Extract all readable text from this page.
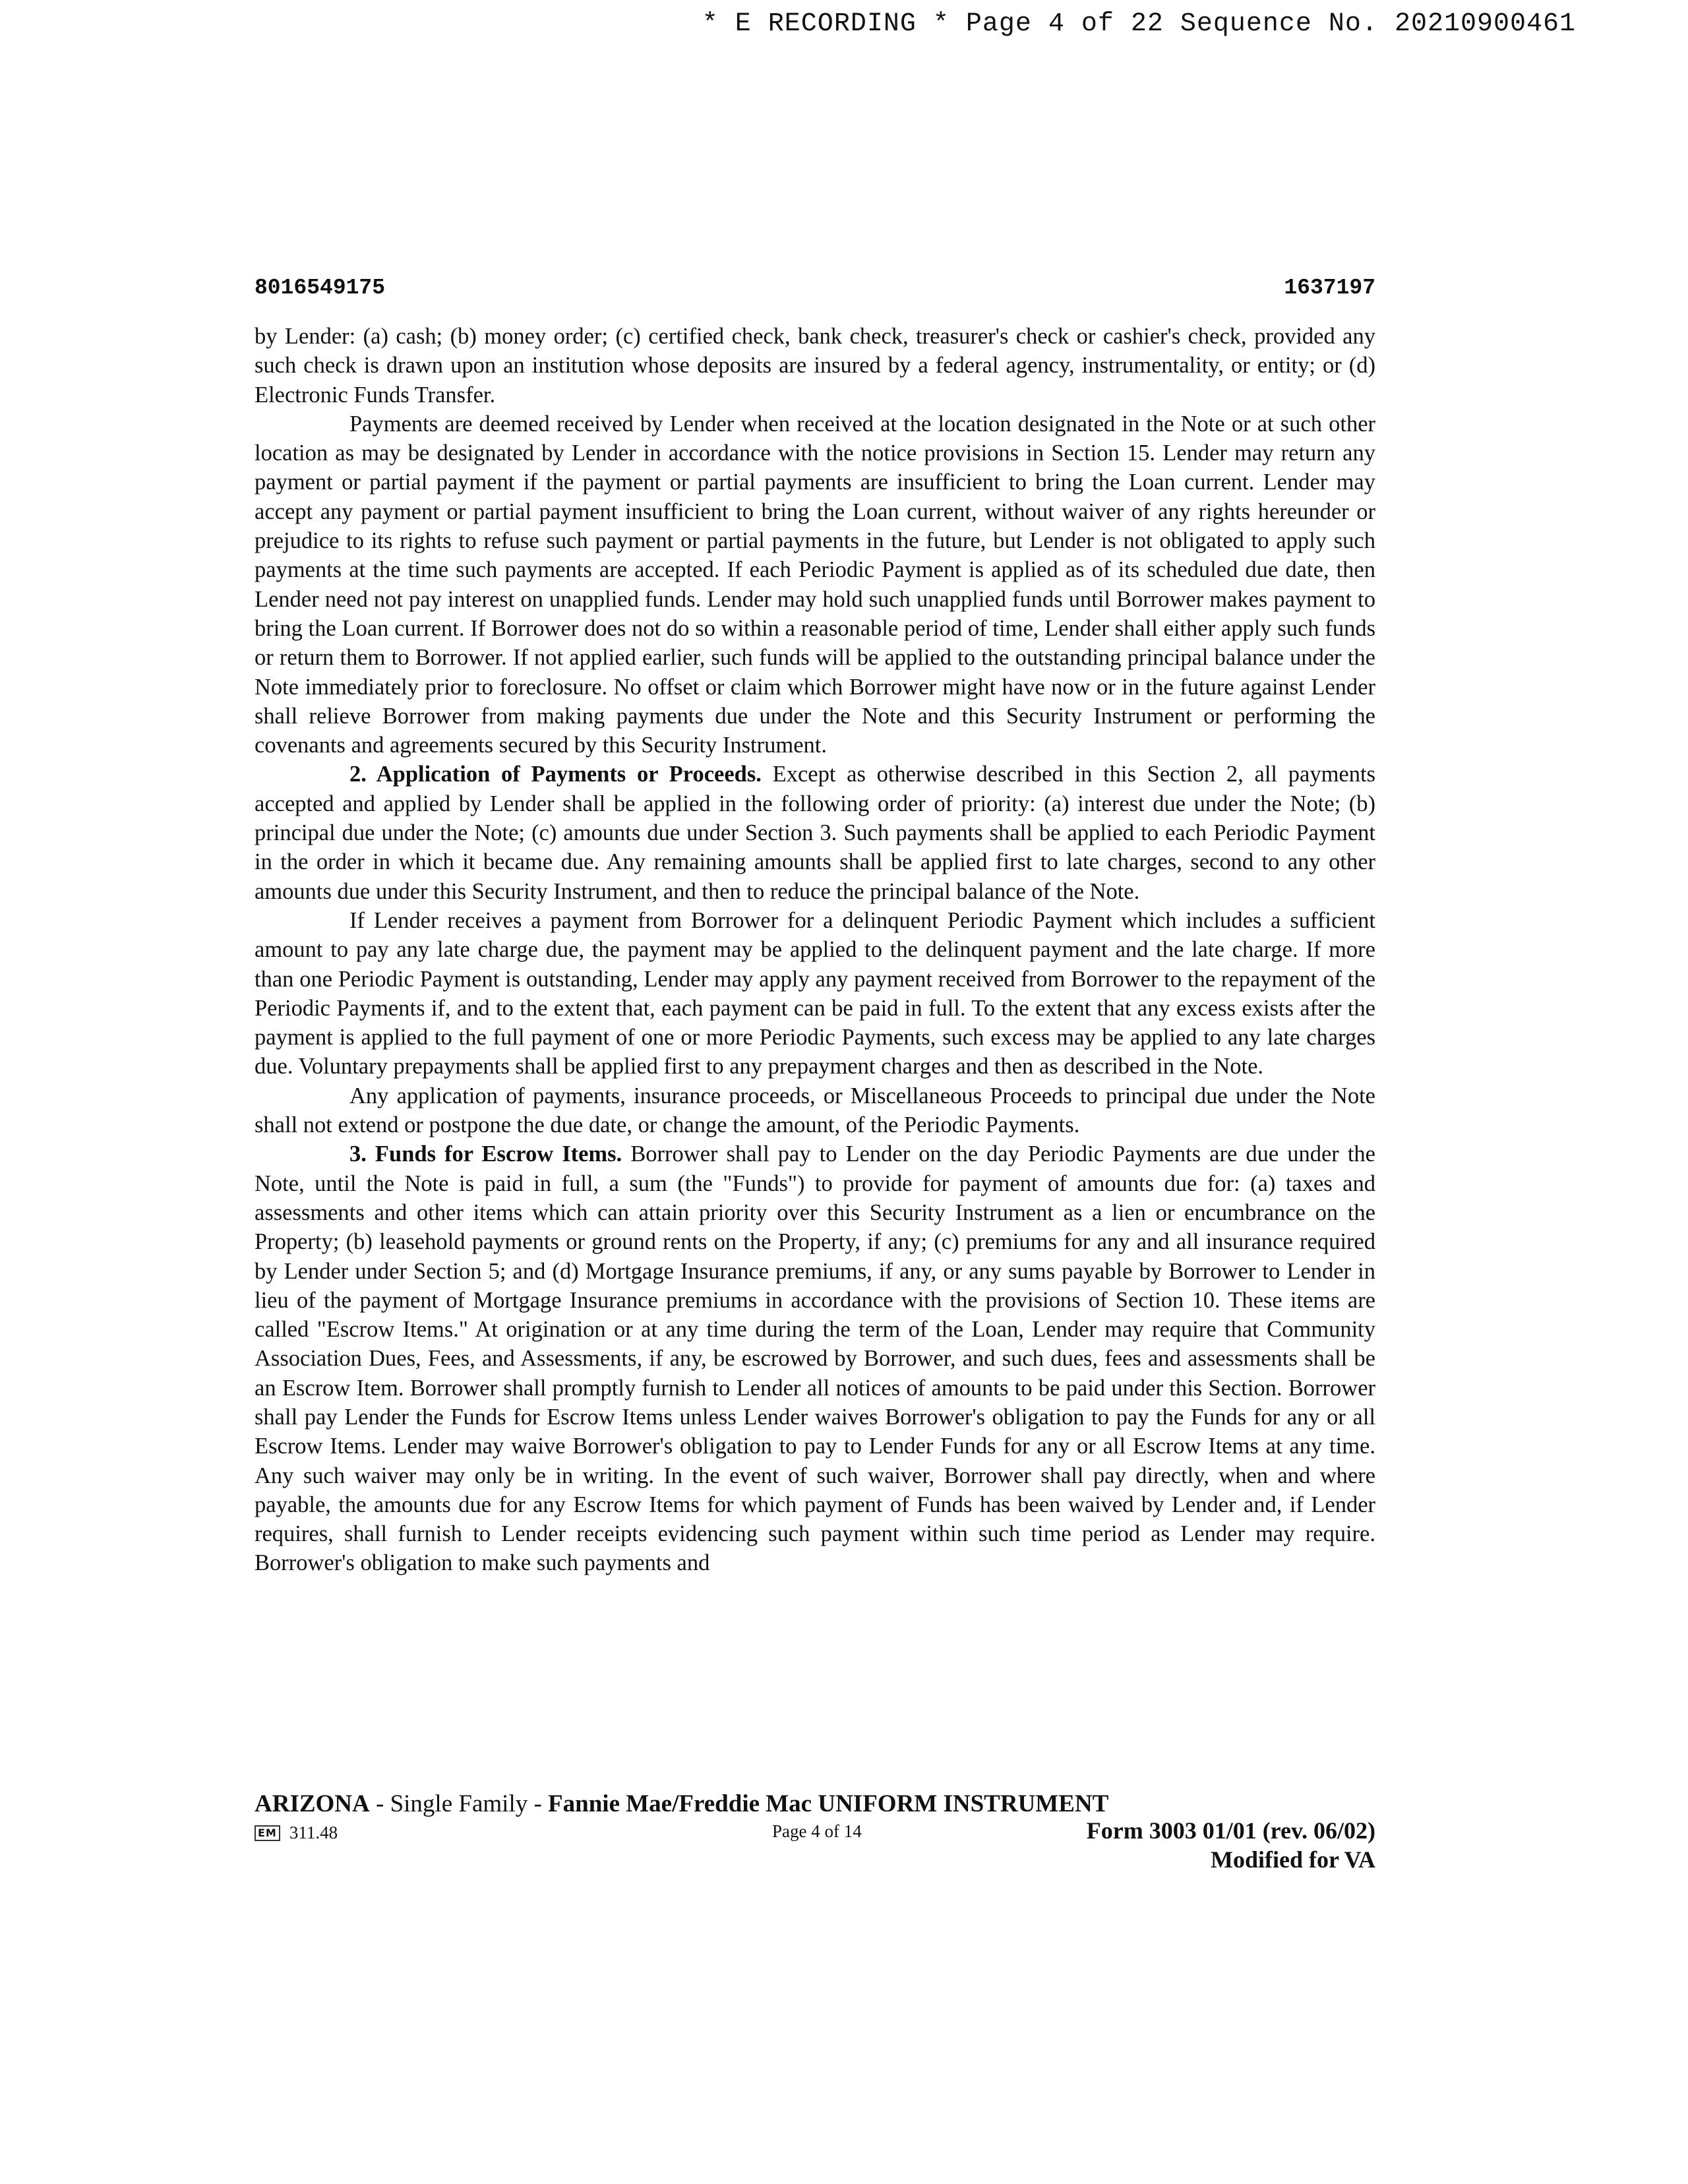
* E RECORDING * Page 4 of 22 Sequence No. 20210900461
8016549175	1637197

by Lender: (a) cash; (b) money order; (c) certified check, bank check, treasurer's check or cashier's check, provided any such check is drawn upon an institution whose deposits are insured by a federal agency, instrumentality, or entity; or (d) Electronic Funds Transfer.

Payments are deemed received by Lender when received at the location designated in the Note or at such other location as may be designated by Lender in accordance with the notice provisions in Section 15. Lender may return any payment or partial payment if the payment or partial payments are insufficient to bring the Loan current. Lender may accept any payment or partial payment insufficient to bring the Loan current, without waiver of any rights hereunder or prejudice to its rights to refuse such payment or partial payments in the future, but Lender is not obligated to apply such payments at the time such payments are accepted. If each Periodic Payment is applied as of its scheduled due date, then Lender need not pay interest on unapplied funds. Lender may hold such unapplied funds until Borrower makes payment to bring the Loan current. If Borrower does not do so within a reasonable period of time, Lender shall either apply such funds or return them to Borrower. If not applied earlier, such funds will be applied to the outstanding principal balance under the Note immediately prior to foreclosure. No offset or claim which Borrower might have now or in the future against Lender shall relieve Borrower from making payments due under the Note and this Security Instrument or performing the covenants and agreements secured by this Security Instrument.

2. Application of Payments or Proceeds. Except as otherwise described in this Section 2, all payments accepted and applied by Lender shall be applied in the following order of priority: (a) interest due under the Note; (b) principal due under the Note; (c) amounts due under Section 3. Such payments shall be applied to each Periodic Payment in the order in which it became due. Any remaining amounts shall be applied first to late charges, second to any other amounts due under this Security Instrument, and then to reduce the principal balance of the Note.

If Lender receives a payment from Borrower for a delinquent Periodic Payment which includes a sufficient amount to pay any late charge due, the payment may be applied to the delinquent payment and the late charge. If more than one Periodic Payment is outstanding, Lender may apply any payment received from Borrower to the repayment of the Periodic Payments if, and to the extent that, each payment can be paid in full. To the extent that any excess exists after the payment is applied to the full payment of one or more Periodic Payments, such excess may be applied to any late charges due. Voluntary prepayments shall be applied first to any prepayment charges and then as described in the Note.

Any application of payments, insurance proceeds, or Miscellaneous Proceeds to principal due under the Note shall not extend or postpone the due date, or change the amount, of the Periodic Payments.

3. Funds for Escrow Items. Borrower shall pay to Lender on the day Periodic Payments are due under the Note, until the Note is paid in full, a sum (the "Funds") to provide for payment of amounts due for: (a) taxes and assessments and other items which can attain priority over this Security Instrument as a lien or encumbrance on the Property; (b) leasehold payments or ground rents on the Property, if any; (c) premiums for any and all insurance required by Lender under Section 5; and (d) Mortgage Insurance premiums, if any, or any sums payable by Borrower to Lender in lieu of the payment of Mortgage Insurance premiums in accordance with the provisions of Section 10. These items are called "Escrow Items." At origination or at any time during the term of the Loan, Lender may require that Community Association Dues, Fees, and Assessments, if any, be escrowed by Borrower, and such dues, fees and assessments shall be an Escrow Item. Borrower shall promptly furnish to Lender all notices of amounts to be paid under this Section. Borrower shall pay Lender the Funds for Escrow Items unless Lender waives Borrower's obligation to pay the Funds for any or all Escrow Items. Lender may waive Borrower's obligation to pay to Lender Funds for any or all Escrow Items at any time. Any such waiver may only be in writing. In the event of such waiver, Borrower shall pay directly, when and where payable, the amounts due for any Escrow Items for which payment of Funds has been waived by Lender and, if Lender requires, shall furnish to Lender receipts evidencing such payment within such time period as Lender may require. Borrower's obligation to make such payments and

ARIZONA - Single Family - Fannie Mae/Freddie Mac UNIFORM INSTRUMENT
EM 311.48	Page 4 of 14	Form 3003 01/01 (rev. 06/02)
Modified for VA
